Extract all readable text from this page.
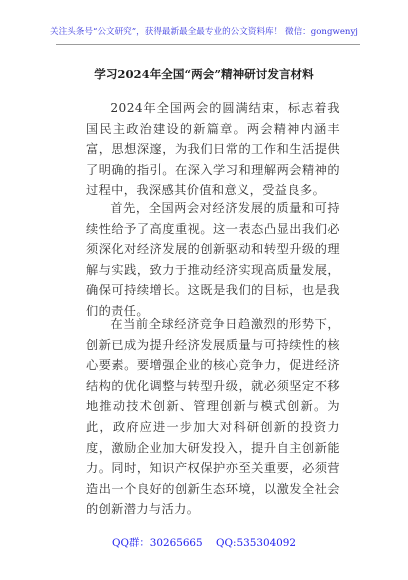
关注头条号“公文研究”，获得最新最全最专业的公文资料库！ 微信：gongwenyj
学习2024年全国“两会”精神研讨发言材料

2024年全国两会的圆满结束，标志着我国民主政治建设的新篇章。两会精神内涵丰富，思想深邃，为我们日常的工作和生活提供了明确的指引。在深入学习和理解两会精神的过程中，我深感其价值和意义，受益良多。

首先，全国两会对经济发展的质量和可持续性给予了高度重视。这一表态凸显出我们必须深化对经济发展的创新驱动和转型升级的理解与实践，致力于推动经济实现高质量发展，确保可持续增长。这既是我们的目标，也是我们的责任。

在当前全球经济竞争日趋激烈的形势下，创新已成为提升经济发展质量与可持续性的核心要素。要增强企业的核心竞争力，促进经济结构的优化调整与转型升级，就必须坚定不移地推动技术创新、管理创新与模式创新。为此，政府应进一步加大对科研创新的投资力度，激励企业加大研发投入，提升自主创新能力。同时，知识产权保护亦至关重要，必须营造出一个良好的创新生态环境，以激发全社会的创新潜力与活力。

QQ群：30265665 QQ:535304092
